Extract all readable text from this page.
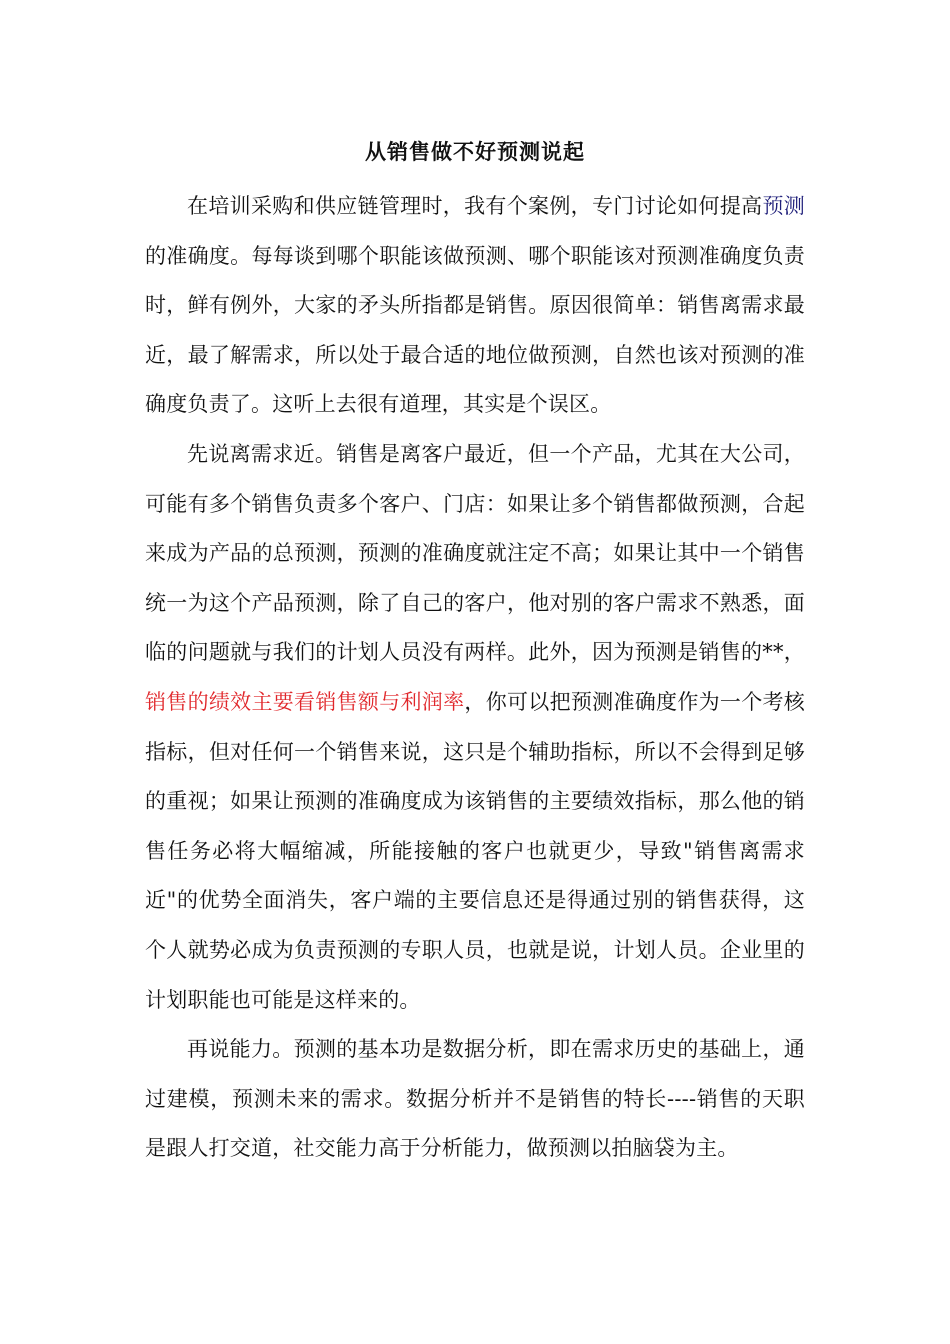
从销售做不好预测说起

在培训采购和供应链管理时，我有个案例，专门讨论如何提高预测的准确度。每每谈到哪个职能该做预测、哪个职能该对预测准确度负责时，鲜有例外，大家的矛头所指都是销售。原因很简单：销售离需求最近，最了解需求，所以处于最合适的地位做预测，自然也该对预测的准确度负责了。这听上去很有道理，其实是个误区。

先说离需求近。销售是离客户最近，但一个产品，尤其在大公司，可能有多个销售负责多个客户、门店：如果让多个销售都做预测，合起来成为产品的总预测，预测的准确度就注定不高；如果让其中一个销售统一为这个产品预测，除了自己的客户，他对别的客户需求不熟悉，面临的问题就与我们的计划人员没有两样。此外，因为预测是销售的**，销售的绩效主要看销售额与利润率，你可以把预测准确度作为一个考核指标，但对任何一个销售来说，这只是个辅助指标，所以不会得到足够的重视；如果让预测的准确度成为该销售的主要绩效指标，那么他的销售任务必将大幅缩减，所能接触的客户也就更少，导致"销售离需求近"的优势全面消失，客户端的主要信息还是得通过别的销售获得，这个人就势必成为负责预测的专职人员，也就是说，计划人员。企业里的计划职能也可能是这样来的。

再说能力。预测的基本功是数据分析，即在需求历史的基础上，通过建模，预测未来的需求。数据分析并不是销售的特长----销售的天职是跟人打交道，社交能力高于分析能力，做预测以拍脑袋为主。
